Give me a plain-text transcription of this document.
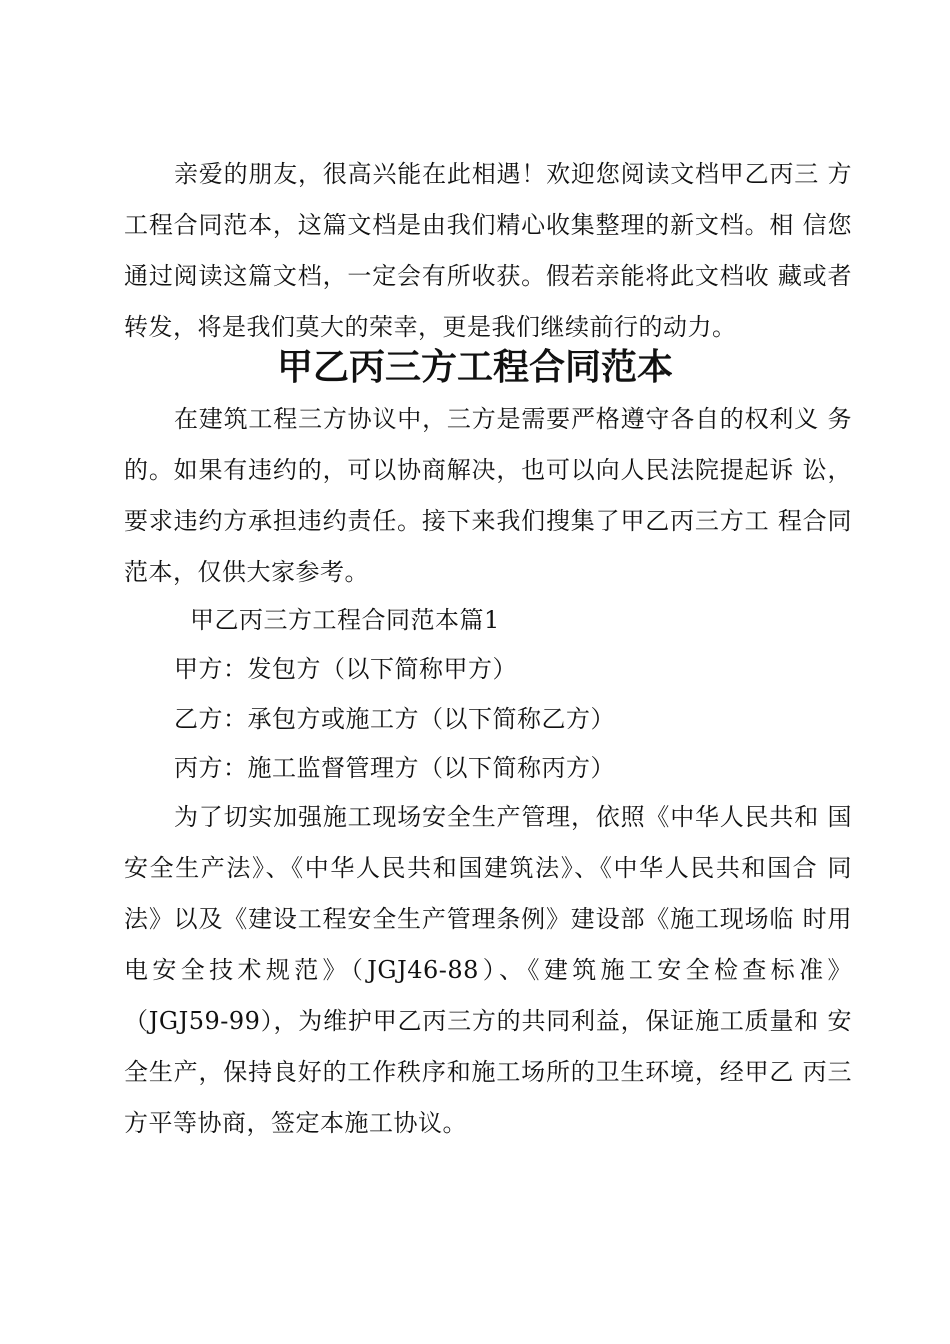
亲爱的朋友，很高兴能在此相遇！欢迎您阅读文档甲乙丙三 方工程合同范本，这篇文档是由我们精心收集整理的新文档。相 信您通过阅读这篇文档，一定会有所收获。假若亲能将此文档收 藏或者转发，将是我们莫大的荣幸，更是我们继续前行的动力。

甲乙丙三方工程合同范本

在建筑工程三方协议中，三方是需要严格遵守各自的权利义 务的。如果有违约的，可以协商解决，也可以向人民法院提起诉 讼，要求违约方承担违约责任。接下来我们搜集了甲乙丙三方工 程合同范本，仅供大家参考。

甲乙丙三方工程合同范本篇1

甲方：发包方（以下简称甲方）

乙方：承包方或施工方（以下简称乙方）

丙方：施工监督管理方（以下简称丙方）

为了切实加强施工现场安全生产管理，依照《中华人民共和 国安全生产法》、《中华人民共和国建筑法》、《中华人民共和国合 同法》以及《建设工程安全生产管理条例》建设部《施工现场临 时用电安全技术规范》（JGJ46-88）、《建筑施工安全检查标准》（JGJ59-99），为维护甲乙丙三方的共同利益，保证施工质量和 安全生产，保持良好的工作秩序和施工场所的卫生环境，经甲乙 丙三方平等协商，签定本施工协议。
